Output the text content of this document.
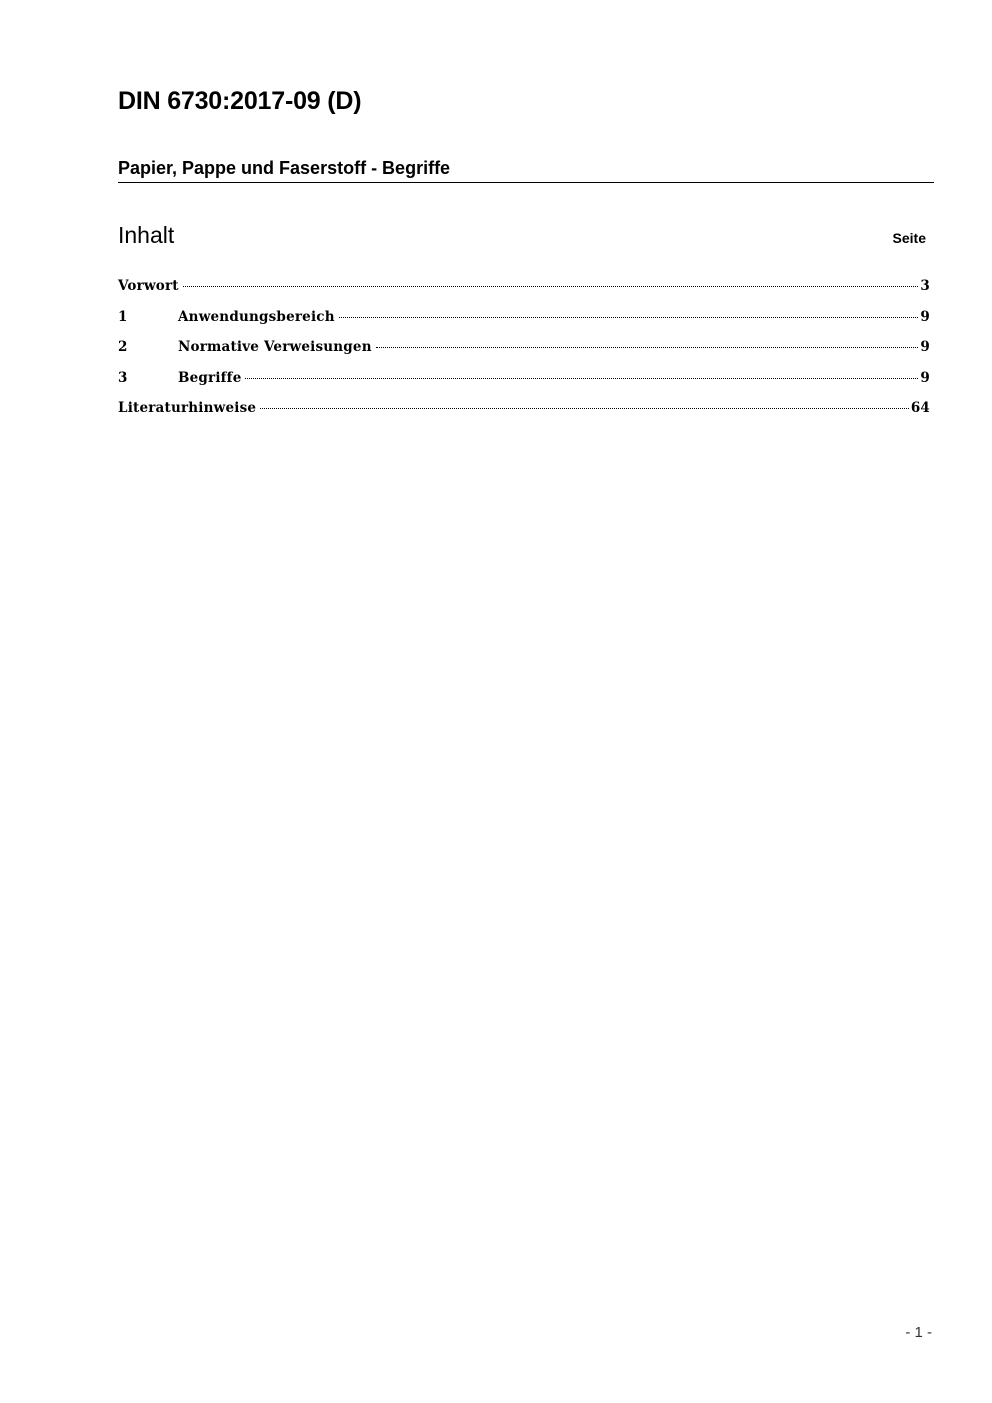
DIN 6730:2017-09 (D)
Papier, Pappe und Faserstoff - Begriffe
Inhalt	Seite
Vorwort	3
1	Anwendungsbereich	9
2	Normative Verweisungen	9
3	Begriffe	9
Literaturhinweise	64
- 1 -
